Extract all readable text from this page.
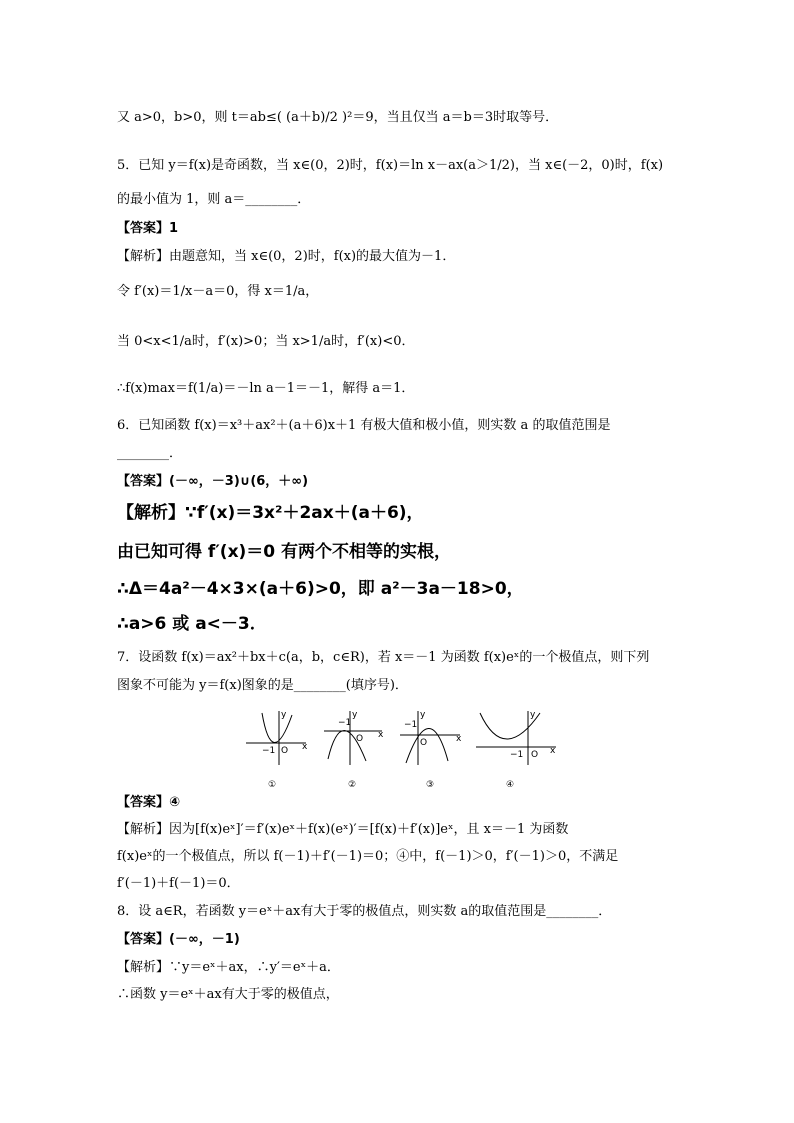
又 a>0，b>0，则 t＝ab≤( (a＋b)/2 )²＝9，当且仅当 a＝b＝3时取等号．
5．已知 y＝f(x)是奇函数，当 x∈(0，2)时，f(x)＝ln x－ax(a＞1/2)，当 x∈(－2，0)时，f(x)
的最小值为 1，则 a＝________．
【答案】1
【解析】由题意知，当 x∈(0，2)时，f(x)的最大值为－1．
令 f′(x)＝1/x－a＝0，得 x＝1/a，
当 0<x<1/a时，f′(x)>0；当 x>1/a时，f′(x)<0．
∴f(x)max＝f(1/a)＝－ln a－1＝－1，解得 a＝1．
6．已知函数 f(x)＝x³＋ax²＋(a＋6)x＋1 有极大值和极小值，则实数 a 的取值范围是
________．
【答案】(－∞，－3)∪(6，＋∞)
【解析】∵f′(x)＝3x²＋2ax＋(a＋6)，
由已知可得 f′(x)＝0 有两个不相等的实根，
∴Δ＝4a²－4×3×(a＋6)>0，即 a²－3a－18>0，
∴a>6 或 a<－3．
7．设函数 f(x)＝ax²＋bx＋c(a，b，c∈R)，若 x＝－1 为函数 f(x)eˣ的一个极值点，则下列
图象不可能为 y＝f(x)图象的是________(填序号)．
y
x
O
−1
①
y
x
O
−1
②
y
x
O
−1
③
y
x
O
−1
④
【答案】④
【解析】因为[f(x)eˣ]′＝f′(x)eˣ＋f(x)(eˣ)′＝[f(x)＋f′(x)]eˣ，且 x＝－1 为函数
f(x)eˣ的一个极值点，所以 f(－1)＋f′(－1)＝0；④中，f(－1)＞0，f′(－1)＞0，不满足
f′(－1)＋f(－1)＝0．
8．设 a∈R，若函数 y＝eˣ＋ax有大于零的极值点，则实数 a的取值范围是________．
【答案】(－∞，－1)
【解析】∵y＝eˣ＋ax，∴y′＝eˣ＋a．
∴函数 y＝eˣ＋ax有大于零的极值点，
